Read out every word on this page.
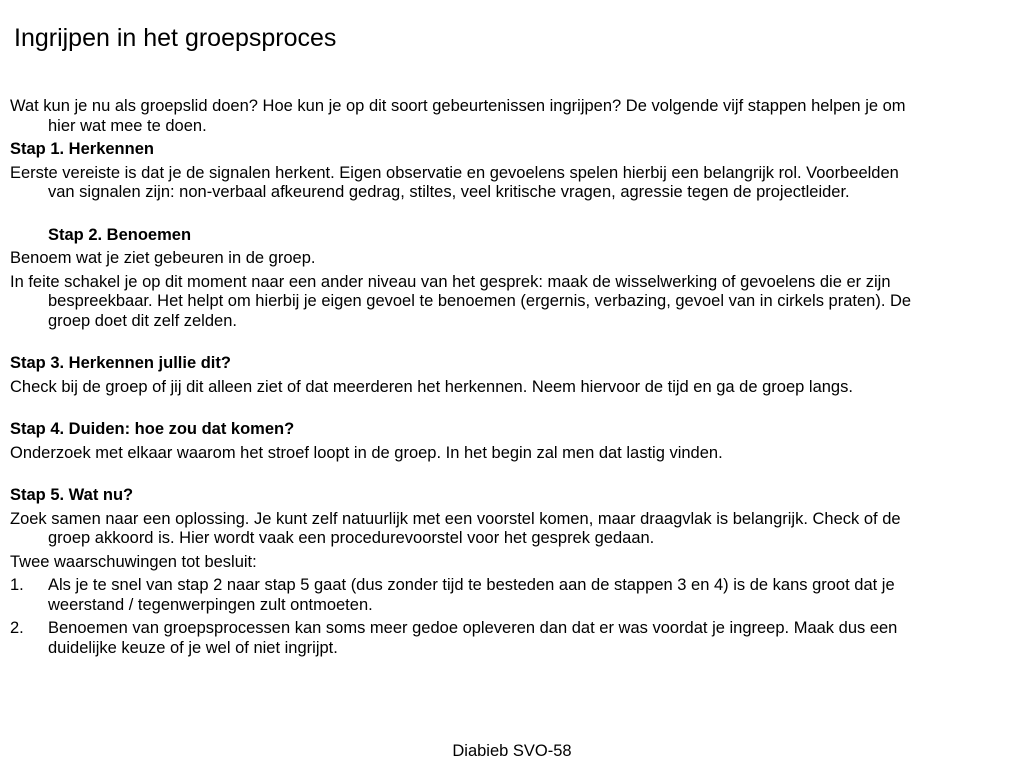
Ingrijpen in het groepsproces

Wat kun je nu als groepslid doen? Hoe kun je op dit soort gebeurtenissen ingrijpen? De volgende vijf stappen helpen je om hier wat mee te doen.

Stap 1. Herkennen

Eerste vereiste is dat je de signalen herkent. Eigen observatie en gevoelens spelen hierbij een belangrijk rol. Voorbeelden van signalen zijn: non-verbaal afkeurend gedrag, stiltes, veel kritische vragen, agressie tegen de projectleider.

Stap 2. Benoemen

Benoem wat je ziet gebeuren in de groep.

In feite schakel je op dit moment naar een ander niveau van het gesprek: maak de wisselwerking of gevoelens die er zijn bespreekbaar. Het helpt om hierbij je eigen gevoel te benoemen (ergernis, verbazing, gevoel van in cirkels praten). De groep doet dit zelf zelden.

Stap 3. Herkennen jullie dit?

Check bij de groep of jij dit alleen ziet of dat meerderen het herkennen. Neem hiervoor de tijd en ga de groep langs.

Stap 4. Duiden: hoe zou dat komen?

Onderzoek met elkaar waarom het stroef loopt in de groep. In het begin zal men dat lastig vinden.

Stap 5. Wat nu?

Zoek samen naar een oplossing. Je kunt zelf natuurlijk met een voorstel komen, maar draagvlak is belangrijk. Check of de groep akkoord is. Hier wordt vaak een procedurevoorstel voor het gesprek gedaan.

Twee waarschuwingen tot besluit:

1. Als je te snel van stap 2 naar stap 5 gaat (dus zonder tijd te besteden aan de stappen 3 en 4) is de kans groot dat je weerstand / tegenwerpingen zult ontmoeten.
2. Benoemen van groepsprocessen kan soms meer gedoe opleveren dan dat er was voordat je ingreep. Maak dus een duidelijke keuze of je wel of niet ingrijpt.
Diabieb SVO-58
